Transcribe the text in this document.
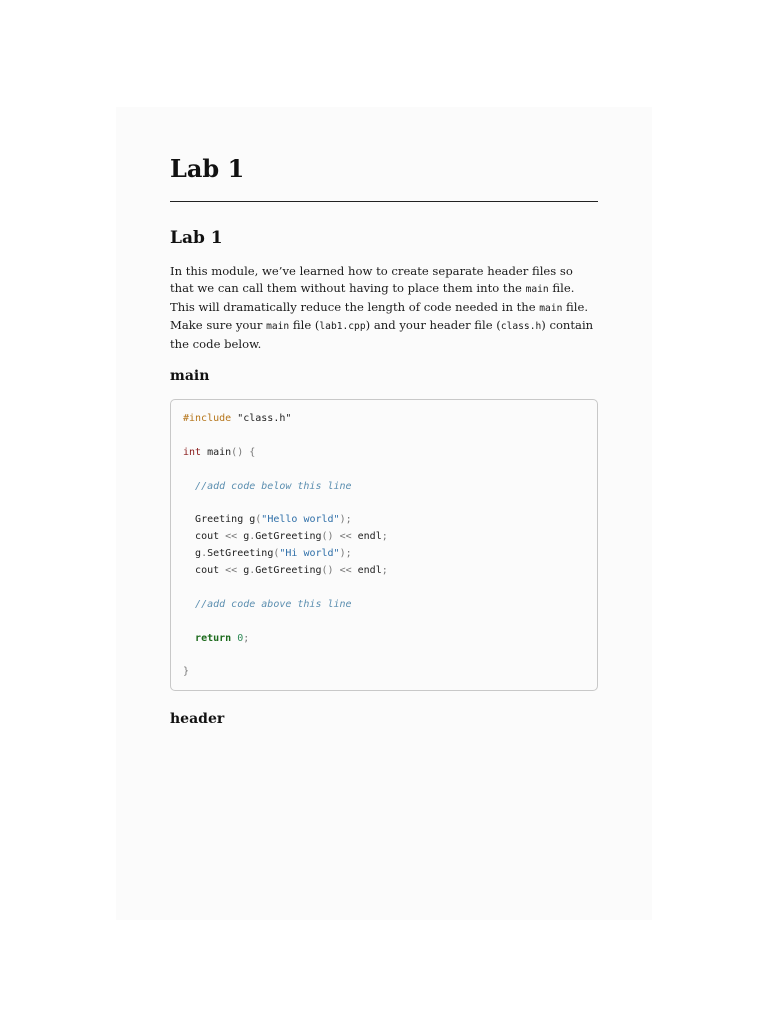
Lab 1
Lab 1

In this module, we’ve learned how to create separate header files so that we can call them without having to place them into the main file. This will dramatically reduce the length of code needed in the main file. Make sure your main file (lab1.cpp) and your header file (class.h) contain the code below.

main
#include "class.h"

int main() {

//add code below this line

Greeting g("Hello world");
cout << g.GetGreeting() << endl;
g.SetGreeting("Hi world");
cout << g.GetGreeting() << endl;

//add code above this line

return 0;

}
header
